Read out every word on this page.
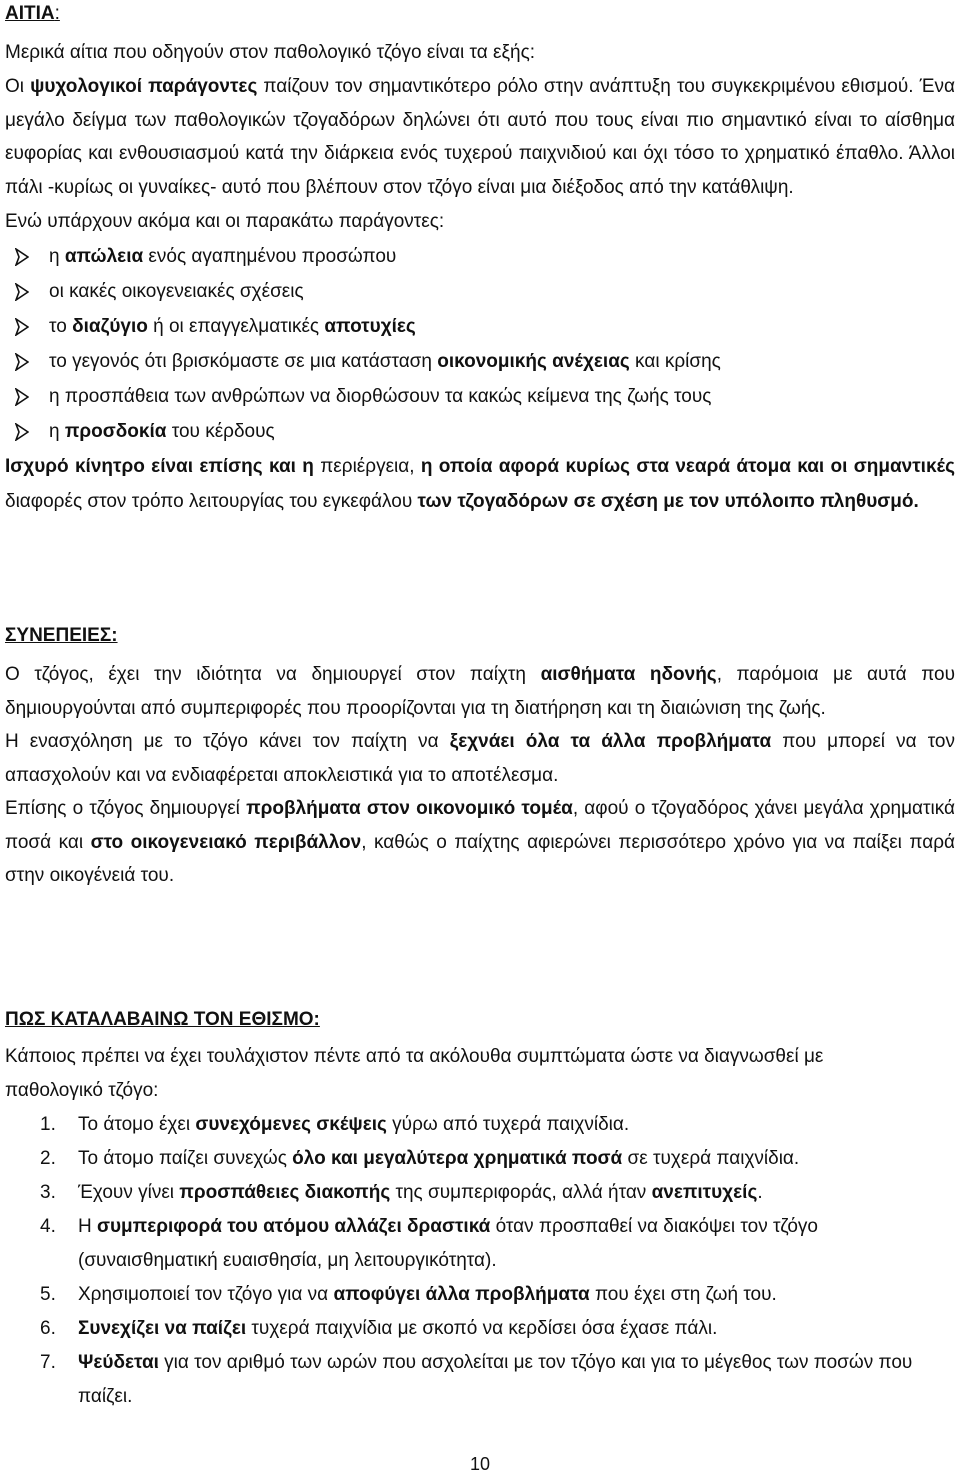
ΑΙΤΙΑ:

Μερικά αίτια που οδηγούν στον παθολογικό τζόγο είναι τα εξής:

Οι ψυχολογικοί παράγοντες παίζουν τον σημαντικότερο ρόλο στην ανάπτυξη του συγκεκριμένου εθισμού. Ένα μεγάλο δείγμα των παθολογικών τζογαδόρων δηλώνει ότι αυτό που τους είναι πιο σημαντικό είναι το αίσθημα ευφορίας και ενθουσιασμού κατά την διάρκεια ενός τυχερού παιχνιδιού και όχι τόσο το χρηματικό έπαθλο. Άλλοι πάλι -κυρίως οι γυναίκες- αυτό που βλέπουν στον τζόγο είναι μια διέξοδος από την κατάθλιψη.

Ενώ υπάρχουν ακόμα και οι παρακάτω παράγοντες:

η απώλεια ενός αγαπημένου προσώπου
οι κακές οικογενειακές σχέσεις
το διαζύγιο ή οι επαγγελματικές αποτυχίες
το γεγονός ότι βρισκόμαστε σε μια κατάσταση οικονομικής ανέχειας και κρίσης
η προσπάθεια των ανθρώπων να διορθώσουν τα κακώς κείμενα της ζωής τους
η προσδοκία του κέρδους

Ισχυρό κίνητρο είναι επίσης και η περιέργεια, η οποία αφορά κυρίως στα νεαρά άτομα και οι σημαντικές διαφορές στον τρόπο λειτουργίας του εγκεφάλου των τζογαδόρων σε σχέση με τον υπόλοιπο πληθυσμό.

ΣΥΝΕΠΕΙΕΣ:

Ο τζόγος, έχει την ιδιότητα να δημιουργεί στον παίχτη αισθήματα ηδονής, παρόμοια με αυτά που δημιουργούνται από συμπεριφορές που προορίζονται για τη διατήρηση και τη διαιώνιση της ζωής.

Η ενασχόληση με το τζόγο κάνει τον παίχτη να ξεχνάει όλα τα άλλα προβλήματα που μπορεί να τον απασχολούν και να ενδιαφέρεται αποκλειστικά για το αποτέλεσμα.

Επίσης ο τζόγος δημιουργεί προβλήματα στον οικονομικό τομέα, αφού ο τζογαδόρος χάνει μεγάλα χρηματικά ποσά και στο οικογενειακό περιβάλλον, καθώς ο παίχτης αφιερώνει περισσότερο χρόνο για να παίξει παρά στην οικογένειά του.

ΠΩΣ ΚΑΤΑΛΑΒΑΙΝΩ ΤΟΝ ΕΘΙΣΜΟ:

Κάποιος πρέπει να έχει τουλάχιστον πέντε από τα ακόλουθα συμπτώματα ώστε να διαγνωσθεί με παθολογικό τζόγο:

1.	Το άτομο έχει συνεχόμενες σκέψεις γύρω από τυχερά παιχνίδια.
2.	Το άτομο παίζει συνεχώς όλο και μεγαλύτερα χρηματικά ποσά σε τυχερά παιχνίδια.
3.	Έχουν γίνει προσπάθειες διακοπής της συμπεριφοράς, αλλά ήταν ανεπιτυχείς.
4.	Η συμπεριφορά του ατόμου αλλάζει δραστικά όταν προσπαθεί να διακόψει τον τζόγο (συναισθηματική ευαισθησία, μη λειτουργικότητα).
5.	Χρησιμοποιεί τον τζόγο για να αποφύγει άλλα προβλήματα που έχει στη ζωή του.
6.	Συνεχίζει να παίζει τυχερά παιχνίδια με σκοπό να κερδίσει όσα έχασε πάλι.
7.	Ψεύδεται για τον αριθμό των ωρών που ασχολείται με τον τζόγο και για το μέγεθος των ποσών που παίζει.
10
